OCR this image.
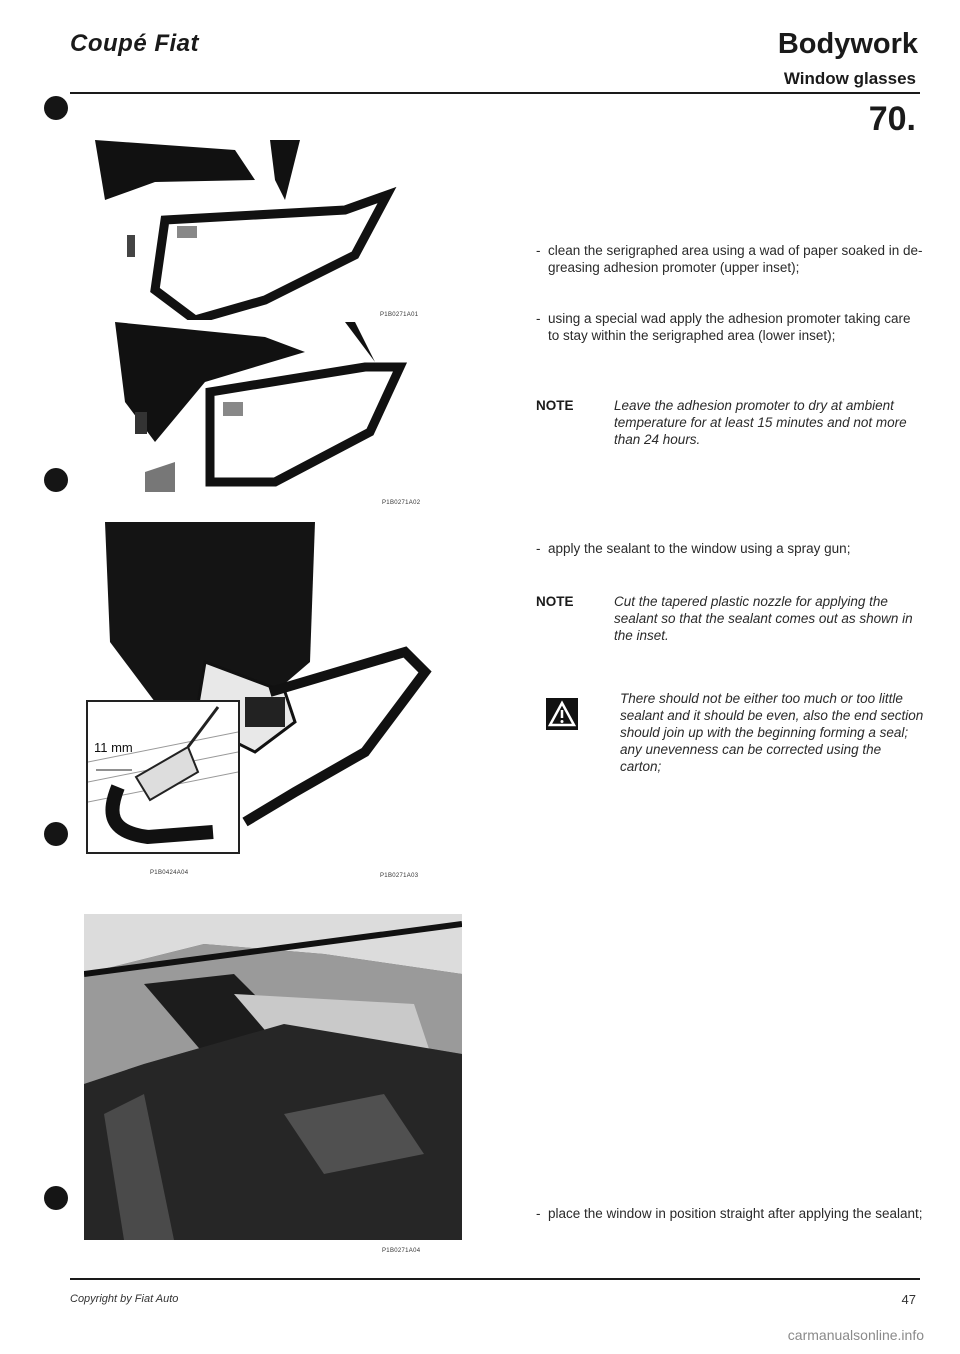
Coupé Fiat	Bodywork
Window glasses
70.
P1B0271A01
P1B0271A02
11 mm
P1B0424A04	P1B0271A03
P1B0271A04
- clean the serigraphed area using a wad of paper soaked in de-greasing adhesion promoter (upper inset);
- using a special wad apply the adhesion promoter taking care to stay within the serigraphed area (lower inset);
NOTE	Leave the adhesion promoter to dry at ambient temperature for at least 15 minutes and not more than 24 hours.
- apply the sealant to the window using a spray gun;
NOTE	Cut the tapered plastic nozzle for applying the sealant so that the sealant comes out as shown in the inset.
There should not be either too much or too little sealant and it should be even, also the end section should join up with the beginning forming a seal; any unevenness can be corrected using the carton;
- place the window in position straight after applying the sealant;
Copyright by Fiat Auto	47
carmanualsonline.info
